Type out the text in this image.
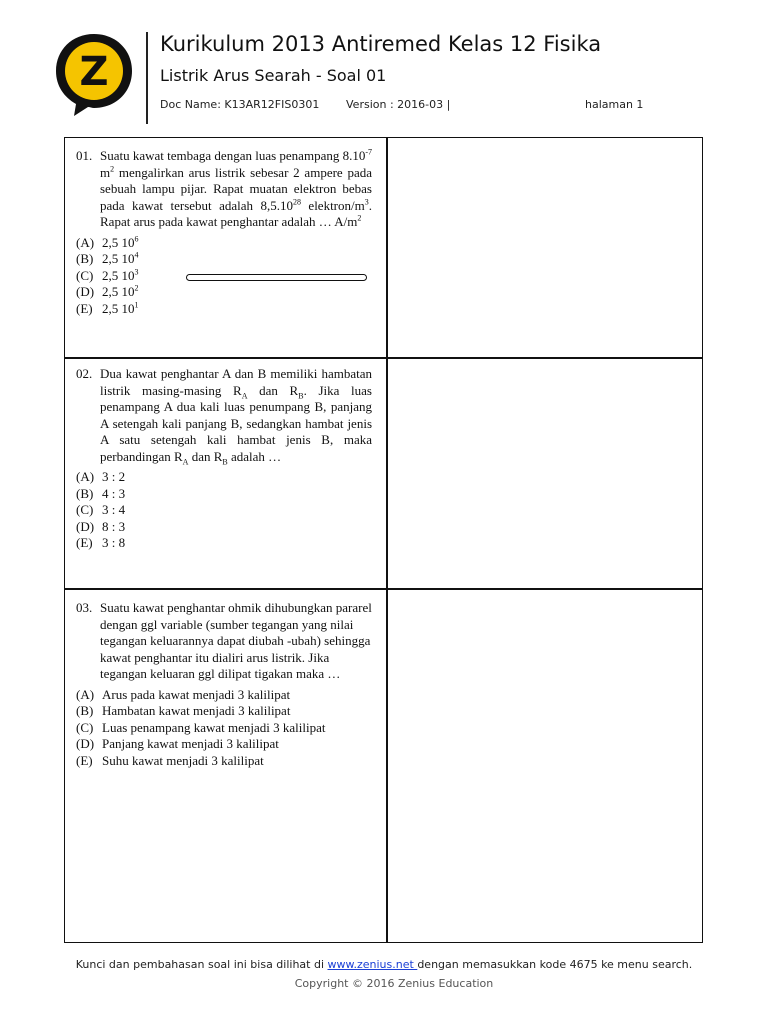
Z
Kurikulum 2013 Antiremed Kelas 12 Fisika
Listrik Arus Searah - Soal 01
Doc Name: K13AR12FIS0301 Version : 2016-03 |	halaman 1
01. Suatu kawat tembaga dengan luas penampang $8.10^{-7}$ $m^2$ mengalirkan arus listrik sebesar 2 ampere pada sebuah lampu pijar. Rapat muatan elektron bebas pada kawat tersebut adalah 8,5.10$^{28}$ elektron/$m^3$. Rapat arus pada kawat penghantar adalah … $A/m^2$
(A) 2,5 $10^6$
(B) 2,5 $10^4$
(C) 2,5 $10^3$
(D) 2,5 $10^2$
(E) 2,5 $10^1$
02. Dua kawat penghantar A dan B memiliki hambatan listrik masing-masing $R_A$ dan $R_B$. Jika luas penampang A dua kali luas penumpang B, panjang A setengah kali panjang B, sedangkan hambat jenis A satu setengah kali hambat jenis B, maka perbandingan $R_A$ dan $R_B$ adalah …
(A) 3 : 2
(B) 4 : 3
(C) 3 : 4
(D) 8 : 3
(E) 3 : 8
03. Suatu kawat penghantar ohmik dihubungkan pararel dengan ggl variable (sumber tegangan yang nilai tegangan keluarannya dapat diubah -ubah) sehingga kawat penghantar itu dialiri arus listrik. Jika tegangan keluaran ggl dilipat tigakan maka …
(A) Arus pada kawat menjadi 3 kalilipat
(B) Hambatan kawat menjadi 3 kalilipat
(C) Luas penampang kawat menjadi 3 kalilipat
(D) Panjang kawat menjadi 3 kalilipat
(E) Suhu kawat menjadi 3 kalilipat
Kunci dan pembahasan soal ini bisa dilihat di www.zenius.net dengan memasukkan kode 4675 ke menu search.
Copyright © 2016 Zenius Education
